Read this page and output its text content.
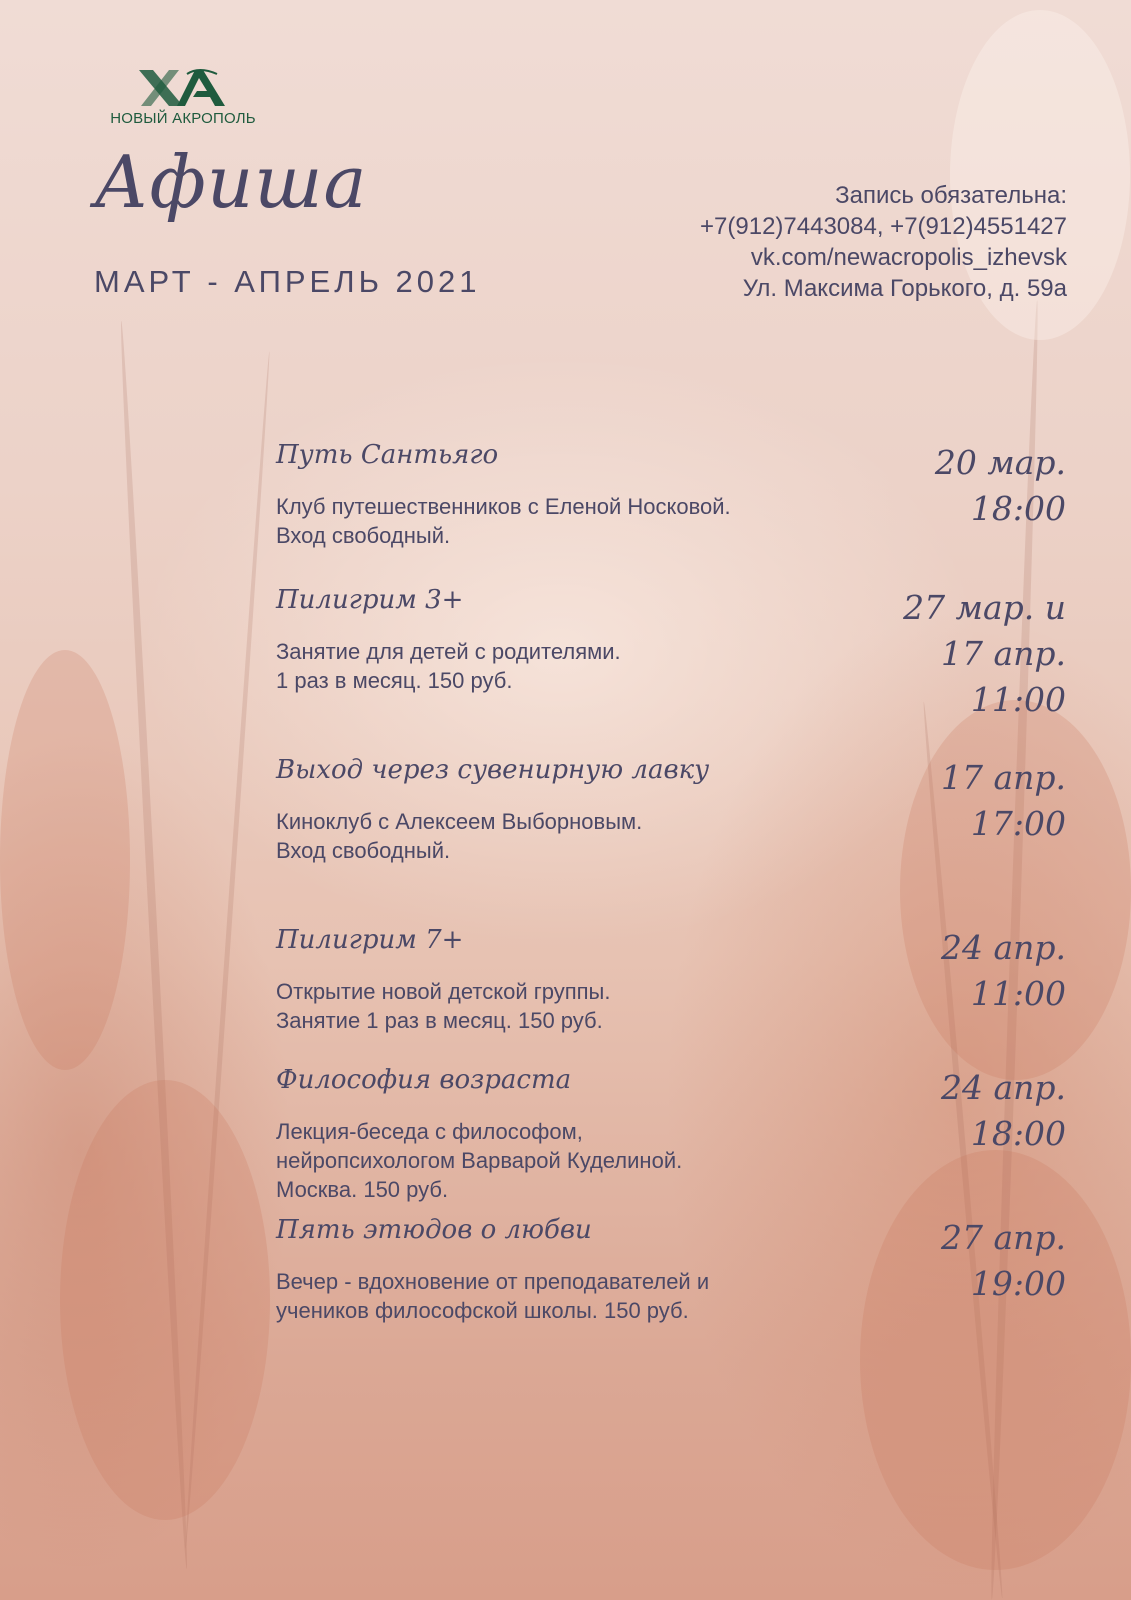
НОВЫЙ АКРОПОЛЬ
Афиша
МАРТ - АПРЕЛЬ 2021
Запись обязательна:
+7(912)7443084, +7(912)4551427
vk.com/newacropolis_izhevsk
Ул. Максима Горького, д. 59а
Путь Сантьяго
Клуб путешественников с Еленой Носковой.
Вход свободный.
20 мар.
18:00
Пилигрим 3+
Занятие для детей с родителями.
1 раз в месяц. 150 руб.
27 мар. и
17 апр.
11:00
Выход через сувенирную лавку
Киноклуб с Алексеем Выборновым.
Вход свободный.
17 апр.
17:00
Пилигрим 7+
Открытие новой детской группы.
Занятие 1 раз в месяц. 150 руб.
24 апр.
11:00
Философия возраста
Лекция-беседа с философом,
нейропсихологом Варварой Куделиной.
Москва. 150 руб.
24 апр.
18:00
Пять этюдов о любви
Вечер - вдохновение от преподавателей и
учеников философской школы. 150 руб.
27 апр.
19:00
